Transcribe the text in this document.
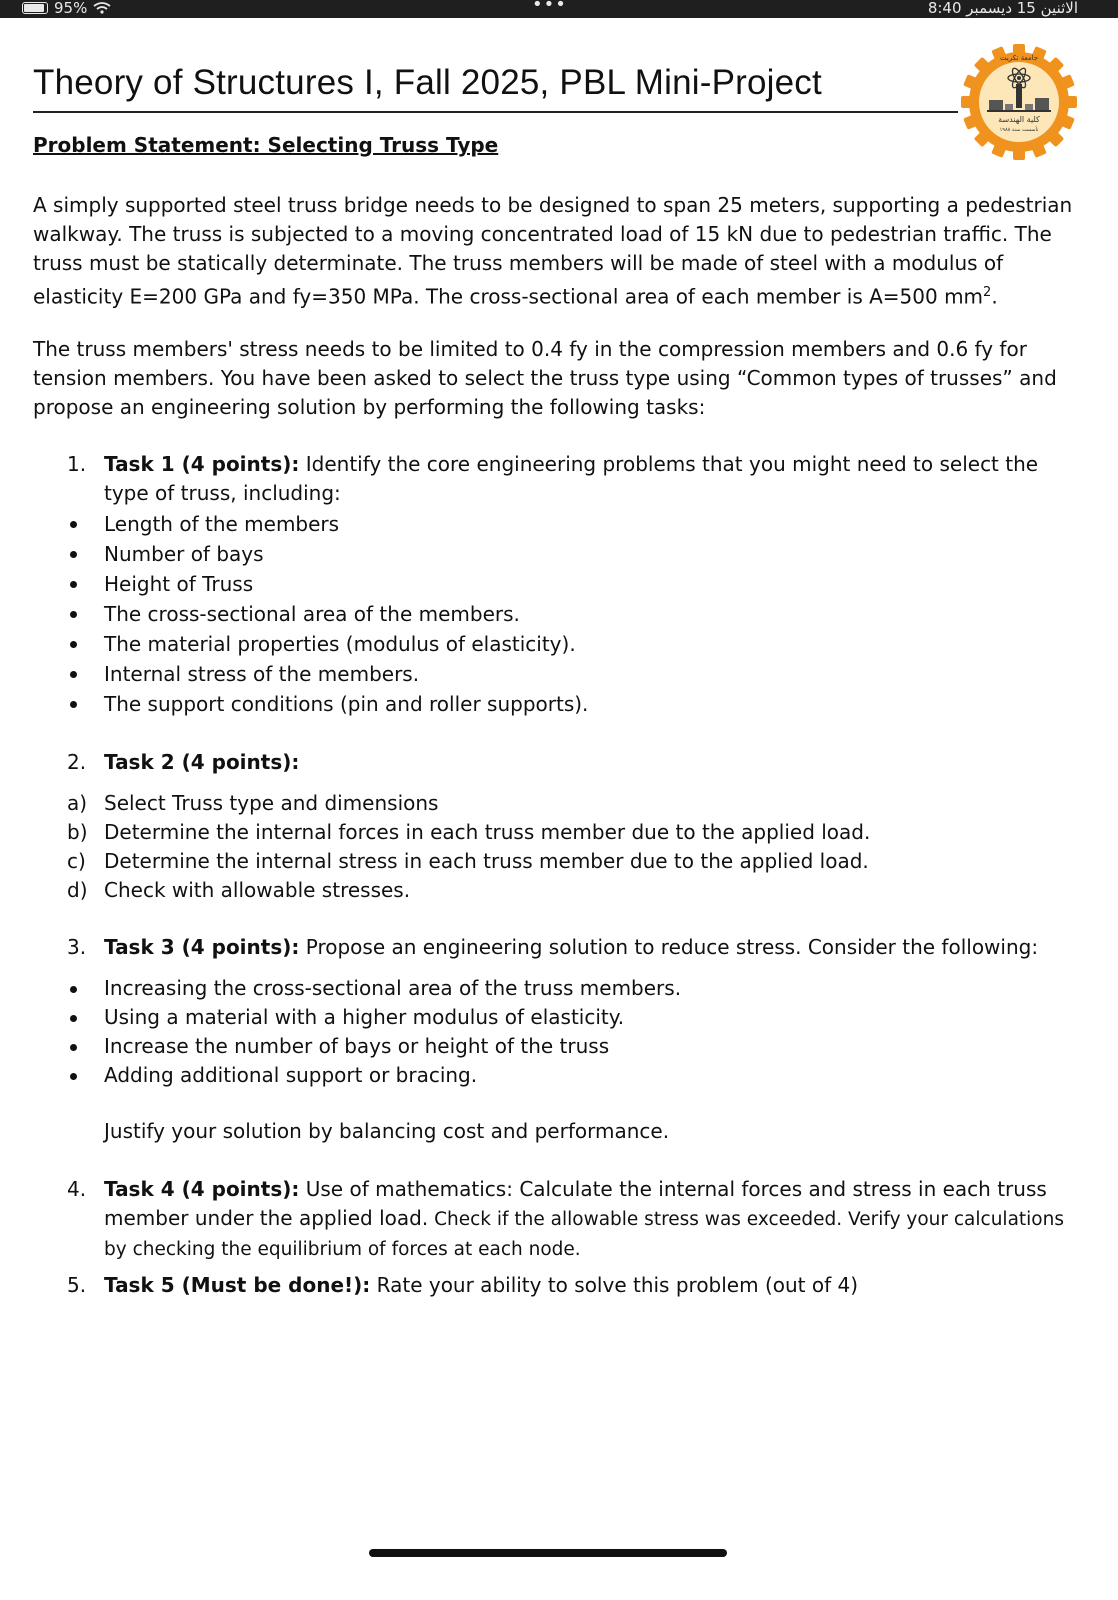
95%	•••	الاثنين 15 ديسمبر 8:40
Theory of Structures I, Fall 2025, PBL Mini-Project
كلية الهندسة
تأسست سنة ١٩٨٨
جامعة تكريت
Problem Statement: Selecting Truss Type
A simply supported steel truss bridge needs to be designed to span 25 meters, supporting a pedestrian walkway. The truss is subjected to a moving concentrated load of 15 kN due to pedestrian traffic. The truss must be statically determinate. The truss members will be made of steel with a modulus of elasticity E=200 GPa and fy=350 MPa. The cross-sectional area of each member is A=500 $mm^2$.
The truss members' stress needs to be limited to 0.4 fy in the compression members and 0.6 fy for tension members. You have been asked to select the truss type using “Common types of trusses” and propose an engineering solution by performing the following tasks:
1. Task 1 (4 points): Identify the core engineering problems that you might need to select the type of truss, including:
Length of the members
Number of bays
Height of Truss
The cross-sectional area of the members.
The material properties (modulus of elasticity).
Internal stress of the members.
The support conditions (pin and roller supports).
2. Task 2 (4 points):
a) Select Truss type and dimensions
b) Determine the internal forces in each truss member due to the applied load.
c) Determine the internal stress in each truss member due to the applied load.
d) Check with allowable stresses.
3. Task 3 (4 points): Propose an engineering solution to reduce stress. Consider the following:
Increasing the cross-sectional area of the truss members.
Using a material with a higher modulus of elasticity.
Increase the number of bays or height of the truss
Adding additional support or bracing.
Justify your solution by balancing cost and performance.
4. Task 4 (4 points): Use of mathematics: Calculate the internal forces and stress in each truss member under the applied load. Check if the allowable stress was exceeded. Verify your calculations by checking the equilibrium of forces at each node.
5. Task 5 (Must be done!): Rate your ability to solve this problem (out of 4)
